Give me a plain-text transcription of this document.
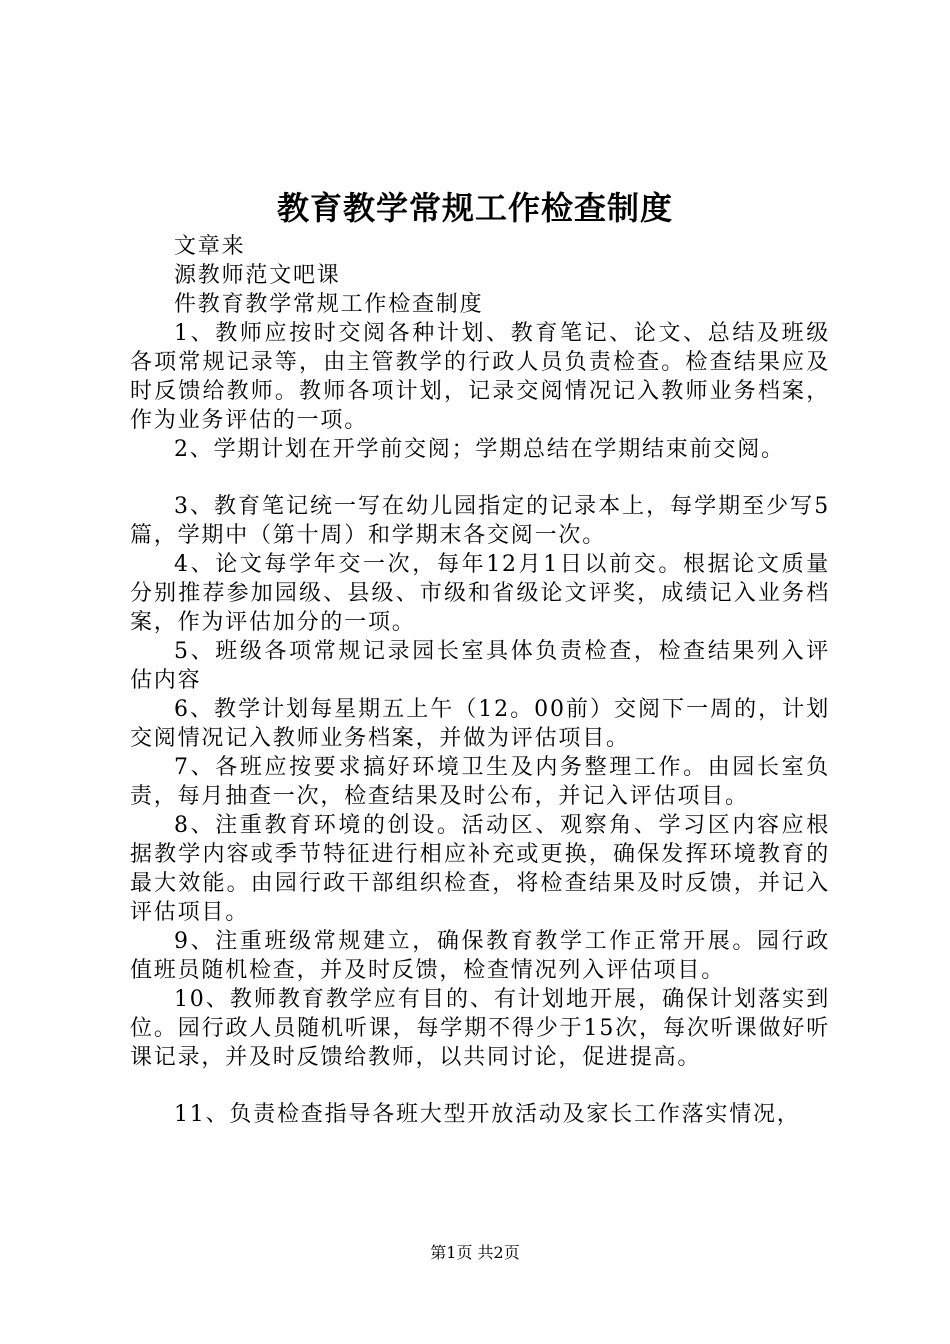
教育教学常规工作检查制度

文章来

源教师范文吧课

件教育教学常规工作检查制度

1、教师应按时交阅各种计划、教育笔记、论文、总结及班级各项常规记录等，由主管教学的行政人员负责检查。检查结果应及时反馈给教师。教师各项计划，记录交阅情况记入教师业务档案，作为业务评估的一项。

2、学期计划在开学前交阅；学期总结在学期结束前交阅。

3、教育笔记统一写在幼儿园指定的记录本上，每学期至少写5篇，学期中（第十周）和学期末各交阅一次。

4、论文每学年交一次，每年12月1日以前交。根据论文质量分别推荐参加园级、县级、市级和省级论文评奖，成绩记入业务档案，作为评估加分的一项。

5、班级各项常规记录园长室具体负责检查，检查结果列入评估内容

6、教学计划每星期五上午（12。00前）交阅下一周的，计划交阅情况记入教师业务档案，并做为评估项目。

7、各班应按要求搞好环境卫生及内务整理工作。由园长室负责，每月抽查一次，检查结果及时公布，并记入评估项目。

8、注重教育环境的创设。活动区、观察角、学习区内容应根据教学内容或季节特征进行相应补充或更换，确保发挥环境教育的最大效能。由园行政干部组织检查，将检查结果及时反馈，并记入评估项目。

9、注重班级常规建立，确保教育教学工作正常开展。园行政值班员随机检查，并及时反馈，检查情况列入评估项目。

10、教师教育教学应有目的、有计划地开展，确保计划落实到位。园行政人员随机听课，每学期不得少于15次，每次听课做好听课记录，并及时反馈给教师，以共同讨论，促进提高。

11、负责检查指导各班大型开放活动及家长工作落实情况，

第1页 共2页
